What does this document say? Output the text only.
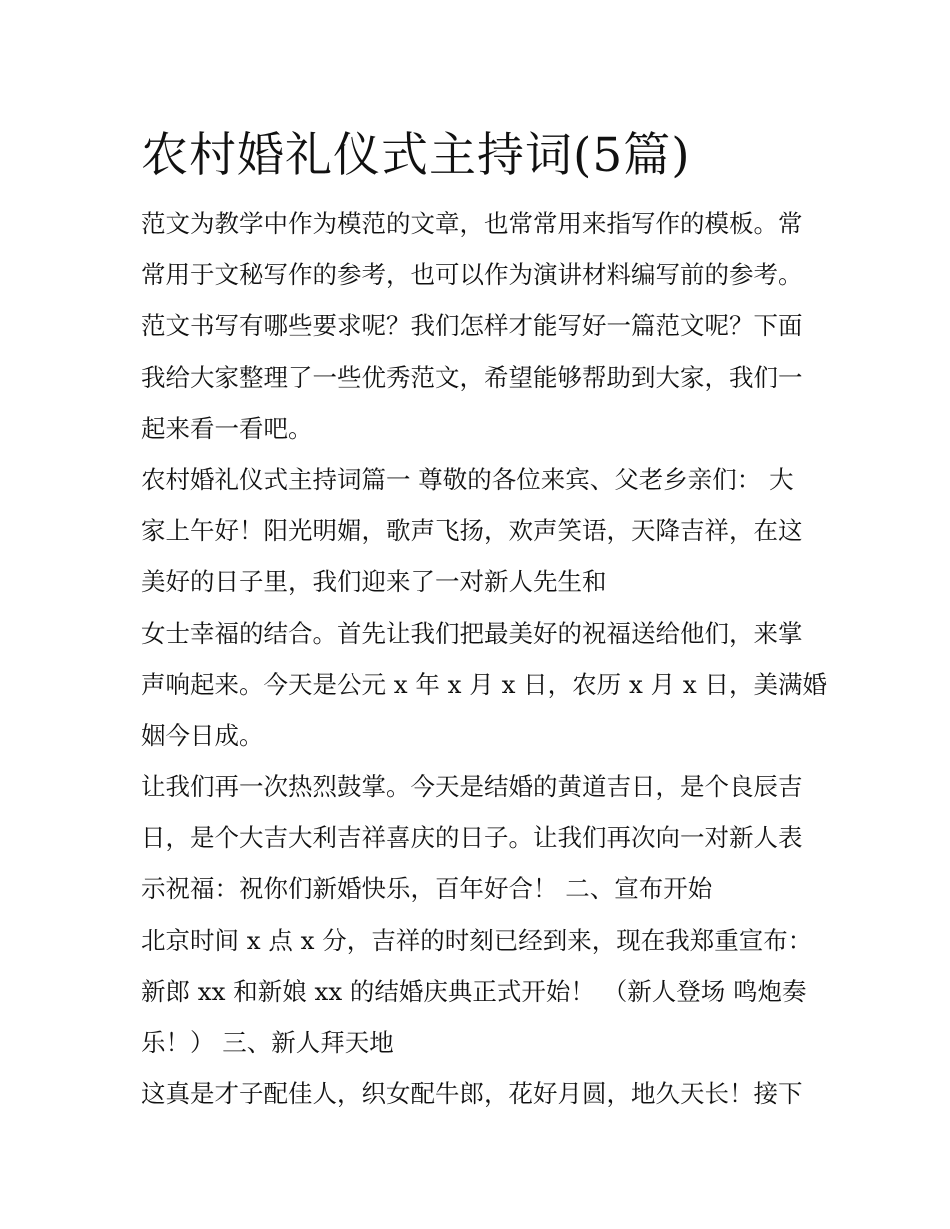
农村婚礼仪式主持词(5篇)
范文为教学中作为模范的文章，也常常用来指写作的模板。常
常用于文秘写作的参考，也可以作为演讲材料编写前的参考。
范文书写有哪些要求呢？我们怎样才能写好一篇范文呢？下面
我给大家整理了一些优秀范文，希望能够帮助到大家，我们一
起来看一看吧。
农村婚礼仪式主持词篇一 尊敬的各位来宾、父老乡亲们： 大
家上午好！阳光明媚，歌声飞扬，欢声笑语，天降吉祥，在这
美好的日子里，我们迎来了一对新人先生和
女士幸福的结合。首先让我们把最美好的祝福送给他们，来掌
声响起来。今天是公元 x 年 x 月 x 日，农历 x 月 x 日，美满婚
姻今日成。
让我们再一次热烈鼓掌。今天是结婚的黄道吉日，是个良辰吉
日，是个大吉大利吉祥喜庆的日子。让我们再次向一对新人表
示祝福：祝你们新婚快乐，百年好合！ 二、宣布开始
北京时间 x 点 x 分，吉祥的时刻已经到来，现在我郑重宣布：
新郎 xx 和新娘 xx 的结婚庆典正式开始！ （新人登场 鸣炮奏
乐！） 三、新人拜天地
这真是才子配佳人，织女配牛郎，花好月圆，地久天长！接下
